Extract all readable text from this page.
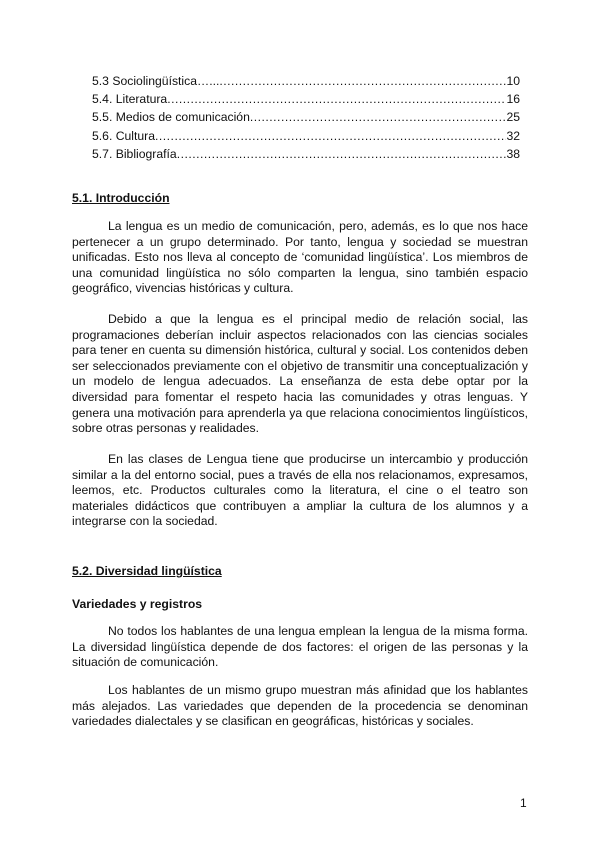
5.3 Sociolingüística…... .....	10
5.4. Literatura .....	16
5.5. Medios de comunicación .....	25
5.6. Cultura .....	32
5.7. Bibliografía .....	38
5.1. Introducción

La lengua es un medio de comunicación, pero, además, es lo que nos hace pertenecer a un grupo determinado. Por tanto, lengua y sociedad se muestran unificadas. Esto nos lleva al concepto de ‘comunidad lingüística’. Los miembros de una comunidad lingüística no sólo comparten la lengua, sino también espacio geográfico, vivencias históricas y cultura.

Debido a que la lengua es el principal medio de relación social, las programaciones deberían incluir aspectos relacionados con las ciencias sociales para tener en cuenta su dimensión histórica, cultural y social. Los contenidos deben ser seleccionados previamente con el objetivo de transmitir una conceptualización y un modelo de lengua adecuados. La enseñanza de esta debe optar por la diversidad para fomentar el respeto hacia las comunidades y otras lenguas. Y genera una motivación para aprenderla ya que relaciona conocimientos lingüísticos, sobre otras personas y realidades.

En las clases de Lengua tiene que producirse un intercambio y producción similar a la del entorno social, pues a través de ella nos relacionamos, expresamos, leemos, etc. Productos culturales como la literatura, el cine o el teatro son materiales didácticos que contribuyen a ampliar la cultura de los alumnos y a integrarse con la sociedad.

5.2. Diversidad lingüística
Variedades y registros

No todos los hablantes de una lengua emplean la lengua de la misma forma. La diversidad lingüística depende de dos factores: el origen de las personas y la situación de comunicación.

Los hablantes de un mismo grupo muestran más afinidad que los hablantes más alejados. Las variedades que dependen de la procedencia se denominan variedades dialectales y se clasifican en geográficas, históricas y sociales.

1
